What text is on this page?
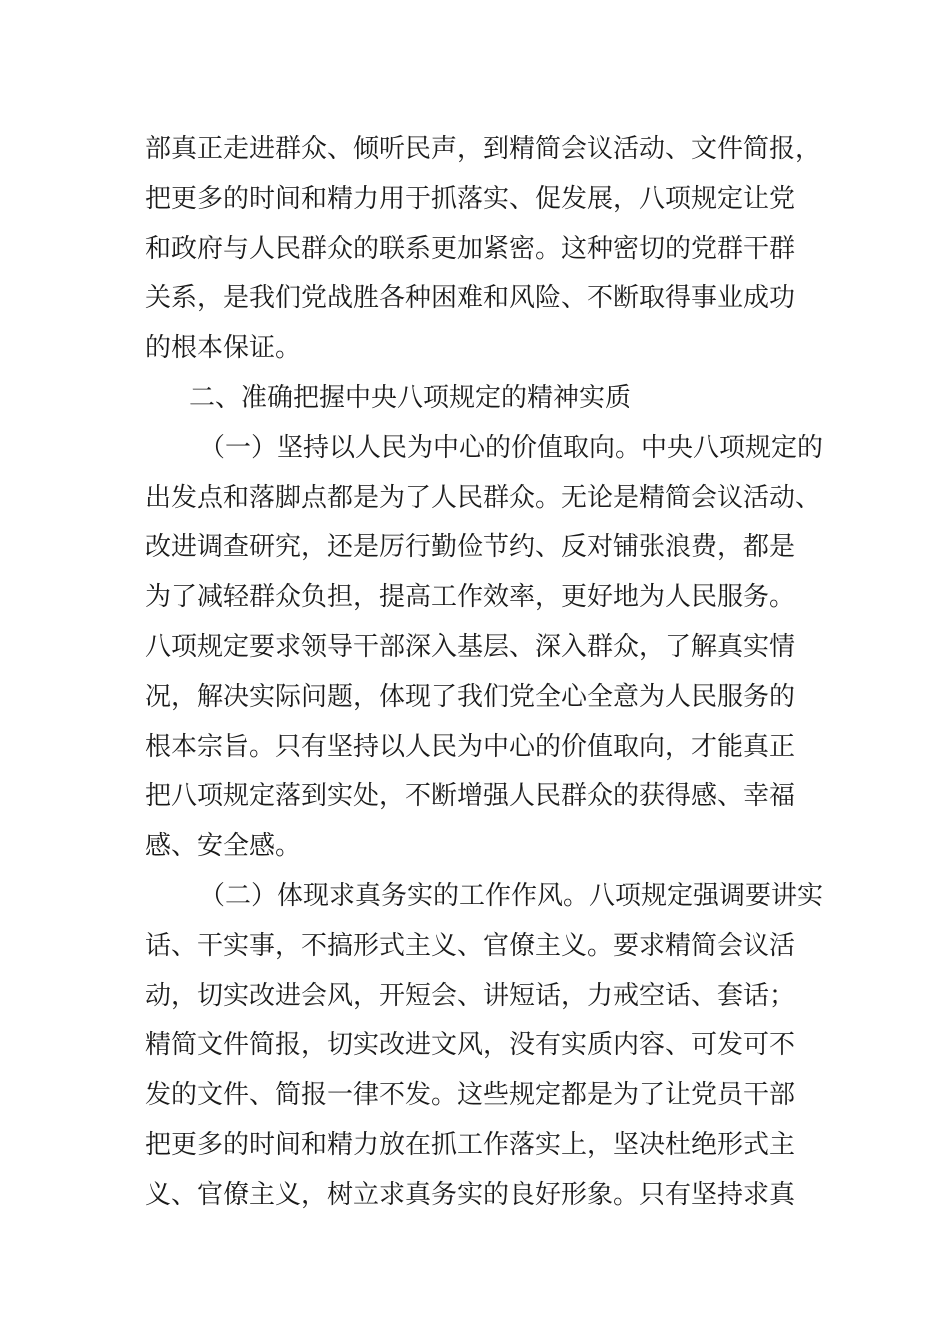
部真正走进群众、倾听民声，到精简会议活动、文件简报，
把更多的时间和精力用于抓落实、促发展，八项规定让党
和政府与人民群众的联系更加紧密。这种密切的党群干群
关系，是我们党战胜各种困难和风险、不断取得事业成功
的根本保证。
二、准确把握中央八项规定的精神实质
（一）坚持以人民为中心的价值取向。中央八项规定的
出发点和落脚点都是为了人民群众。无论是精简会议活动、
改进调查研究，还是厉行勤俭节约、反对铺张浪费，都是
为了减轻群众负担，提高工作效率，更好地为人民服务。
八项规定要求领导干部深入基层、深入群众，了解真实情
况，解决实际问题，体现了我们党全心全意为人民服务的
根本宗旨。只有坚持以人民为中心的价值取向，才能真正
把八项规定落到实处，不断增强人民群众的获得感、幸福
感、安全感。
（二）体现求真务实的工作作风。八项规定强调要讲实
话、干实事，不搞形式主义、官僚主义。要求精简会议活
动，切实改进会风，开短会、讲短话，力戒空话、套话；
精简文件简报，切实改进文风，没有实质内容、可发可不
发的文件、简报一律不发。这些规定都是为了让党员干部
把更多的时间和精力放在抓工作落实上，坚决杜绝形式主
义、官僚主义，树立求真务实的良好形象。只有坚持求真
